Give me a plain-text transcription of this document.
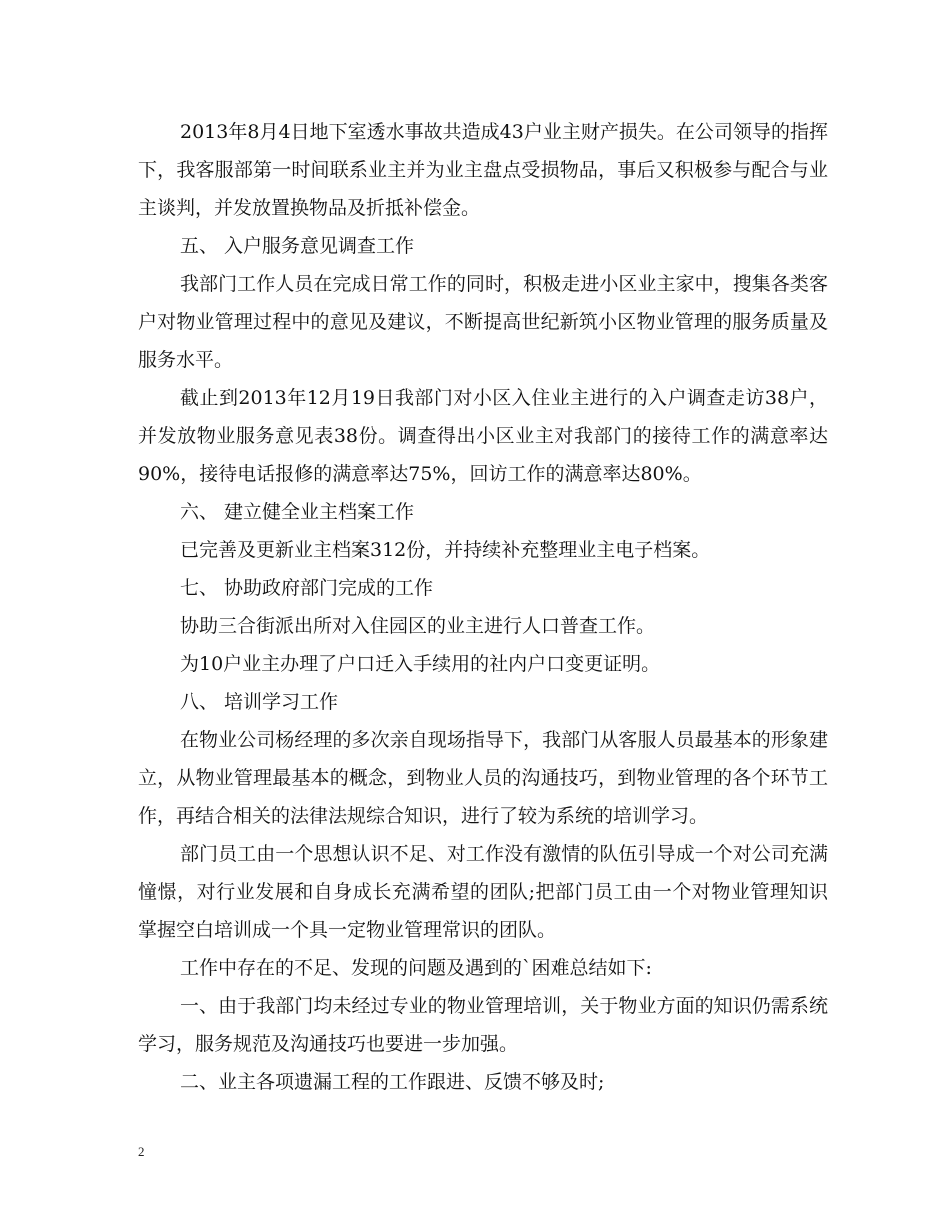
2013年8月4日地下室透水事故共造成43户业主财产损失。在公司领导的指挥下，我客服部第一时间联系业主并为业主盘点受损物品，事后又积极参与配合与业主谈判，并发放置换物品及折抵补偿金。

五、 入户服务意见调查工作

我部门工作人员在完成日常工作的同时，积极走进小区业主家中，搜集各类客户对物业管理过程中的意见及建议，不断提高世纪新筑小区物业管理的服务质量及服务水平。

截止到2013年12月19日我部门对小区入住业主进行的入户调查走访38户，并发放物业服务意见表38份。调查得出小区业主对我部门的接待工作的满意率达90%，接待电话报修的满意率达75%，回访工作的满意率达80%。

六、 建立健全业主档案工作

已完善及更新业主档案312份，并持续补充整理业主电子档案。

七、 协助政府部门完成的工作

协助三合街派出所对入住园区的业主进行人口普查工作。

为10户业主办理了户口迁入手续用的社内户口变更证明。

八、 培训学习工作

在物业公司杨经理的多次亲自现场指导下，我部门从客服人员最基本的形象建立，从物业管理最基本的概念，到物业人员的沟通技巧，到物业管理的各个环节工作，再结合相关的法律法规综合知识，进行了较为系统的培训学习。

部门员工由一个思想认识不足、对工作没有激情的队伍引导成一个对公司充满憧憬，对行业发展和自身成长充满希望的团队;把部门员工由一个对物业管理知识掌握空白培训成一个具一定物业管理常识的团队。

工作中存在的不足、发现的问题及遇到的`困难总结如下:

一、由于我部门均未经过专业的物业管理培训，关于物业方面的知识仍需系统学习，服务规范及沟通技巧也要进一步加强。

二、业主各项遗漏工程的工作跟进、反馈不够及时;

2
